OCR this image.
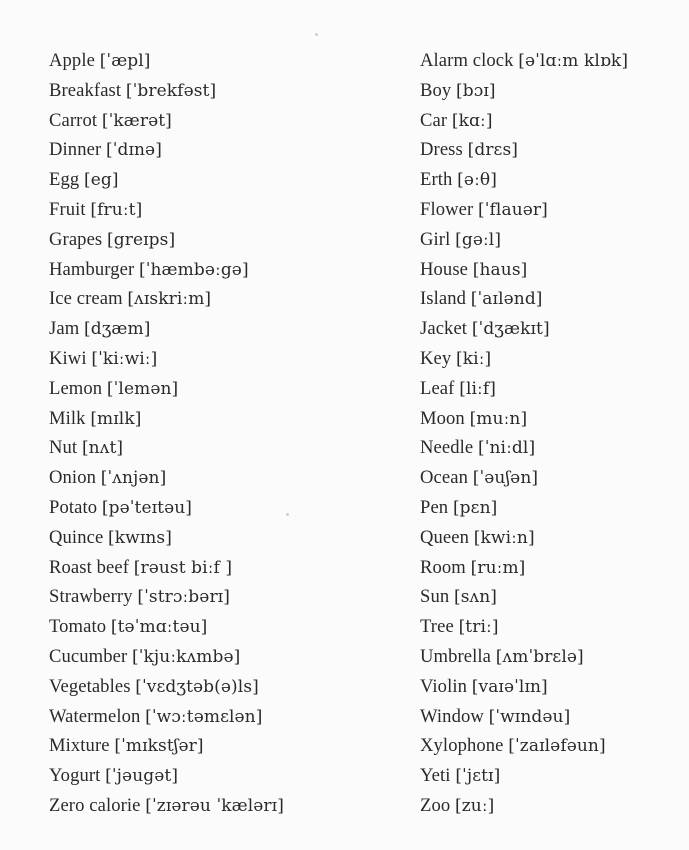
Apple [ˈæpl]
Breakfast [ˈbrekfəst]
Carrot [ˈkærət]
Dinner [ˈdɪnə]
Egg [eg]
Fruit [fruːt]
Grapes [greɪps]
Hamburger [ˈhæmbəːgə]
Ice cream [ʌɪskriːm]
Jam [dʒæm]
Kiwi [ˈkiːwiː]
Lemon [ˈlemən]
Milk [mɪlk]
Nut [nʌt]
Onion [ˈʌnjən]
Potato [pəˈteɪtəu]
Quince [kwɪns]
Roast beef [rəust biːf ]
Strawberry [ˈstrɔːbərɪ]
Tomato [təˈmɑːtəu]
Cucumber [ˈkjuːkʌmbə]
Vegetables [ˈvɛdʒtəb(ə)ls]
Watermelon [ˈwɔːtəmɛlən]
Mixture [ˈmɪkstʃər]
Yogurt [ˈjəugət]
Zero calorie [ˈzɪərəu ˈkælərɪ]
Alarm clock [əˈlɑːm klɒk]
Boy [bɔɪ]
Car [kɑː]
Dress [drɛs]
Erth [əːθ]
Flower [ˈflauər]
Girl [gəːl]
House [haus]
Island [ˈaɪlənd]
Jacket [ˈdʒækɪt]
Key [kiː]
Leaf [liːf]
Moon [muːn]
Needle [ˈniːdl]
Ocean [ˈəuʃən]
Pen [pɛn]
Queen [kwiːn]
Room [ruːm]
Sun [sʌn]
Tree [triː]
Umbrella [ʌmˈbrɛlə]
Violin [vaɪəˈlɪn]
Window [ˈwɪndəu]
Xylophone [ˈzaɪləfəun]
Yeti [ˈjɛtɪ]
Zoo [zuː]
